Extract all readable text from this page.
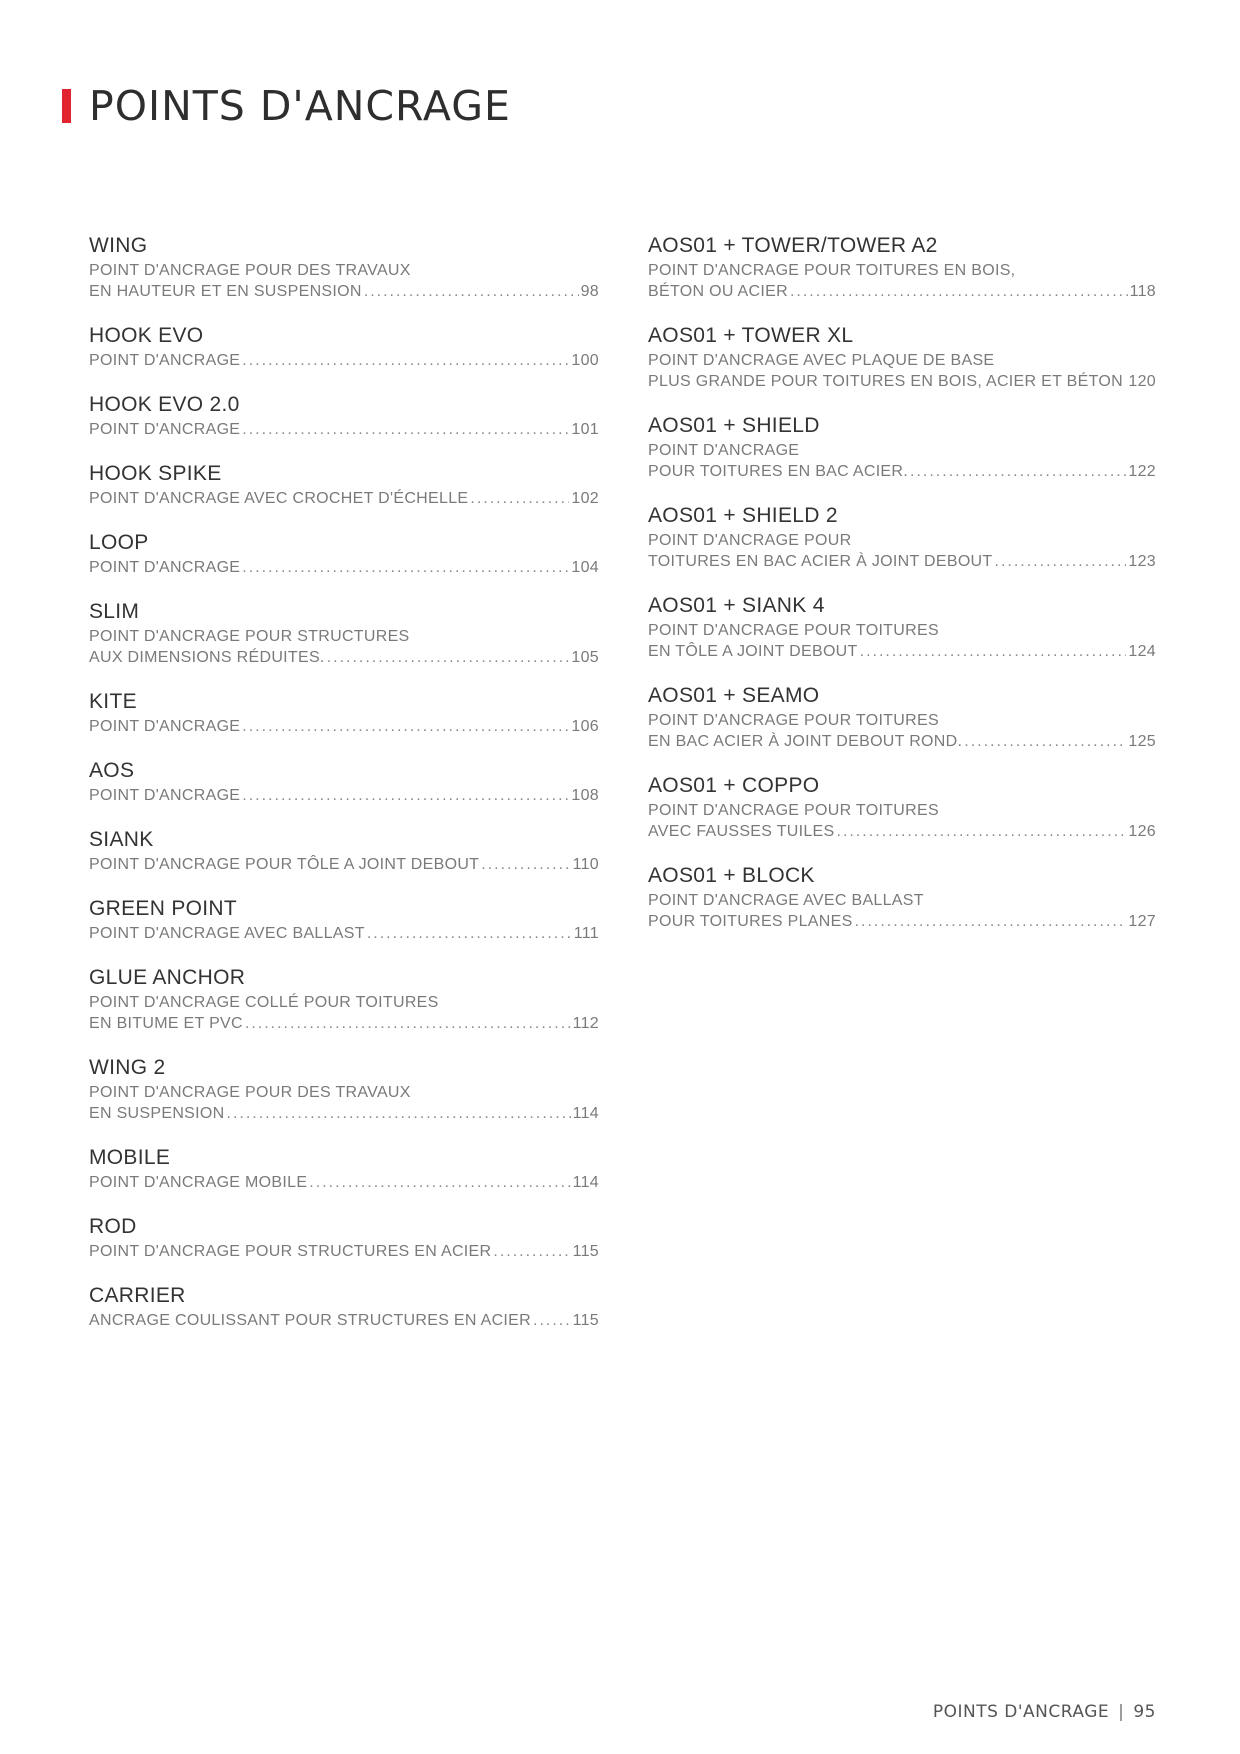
POINTS D'ANCRAGE
WING
POINT D'ANCRAGE POUR DES TRAVAUX
EN HAUTEUR ET EN SUSPENSION .....	98
HOOK EVO
POINT D'ANCRAGE .....	100
HOOK EVO 2.0
POINT D'ANCRAGE .....	101
HOOK SPIKE
POINT D'ANCRAGE AVEC CROCHET D'ÉCHELLE .....	102
LOOP
POINT D'ANCRAGE .....	104
SLIM
POINT D'ANCRAGE POUR STRUCTURES
AUX DIMENSIONS RÉDUITES. .....	105
KITE
POINT D'ANCRAGE .....	106
AOS
POINT D'ANCRAGE .....	108
SIANK
POINT D'ANCRAGE POUR TÔLE A JOINT DEBOUT .....	110
GREEN POINT
POINT D'ANCRAGE AVEC BALLAST .....	111
GLUE ANCHOR
POINT D'ANCRAGE COLLÉ POUR TOITURES
EN BITUME ET PVC .....	112
WING 2
POINT D'ANCRAGE POUR DES TRAVAUX
EN SUSPENSION .....	114
MOBILE
POINT D'ANCRAGE MOBILE .....	114
ROD
POINT D'ANCRAGE POUR STRUCTURES EN ACIER .....	115
CARRIER
ANCRAGE COULISSANT POUR STRUCTURES EN ACIER .....	115
AOS01 + TOWER/TOWER A2
POINT D'ANCRAGE POUR TOITURES EN BOIS,
BÉTON OU ACIER .....	118
AOS01 + TOWER XL
POINT D'ANCRAGE AVEC PLAQUE DE BASE
PLUS GRANDE POUR TOITURES EN BOIS, ACIER ET BÉTON ..... 120
AOS01 + SHIELD
POINT D'ANCRAGE
POUR TOITURES EN BAC ACIER. .....	122
AOS01 + SHIELD 2
POINT D'ANCRAGE POUR
TOITURES EN BAC ACIER À JOINT DEBOUT .....	123
AOS01 + SIANK 4
POINT D'ANCRAGE POUR TOITURES
EN TÔLE A JOINT DEBOUT .....	124
AOS01 + SEAMO
POINT D'ANCRAGE POUR TOITURES
EN BAC ACIER À JOINT DEBOUT ROND. .....	125
AOS01 + COPPO
POINT D'ANCRAGE POUR TOITURES
AVEC FAUSSES TUILES .....	126
AOS01 + BLOCK
POINT D'ANCRAGE AVEC BALLAST
POUR TOITURES PLANES .....	127
POINTS D'ANCRAGE | 95
